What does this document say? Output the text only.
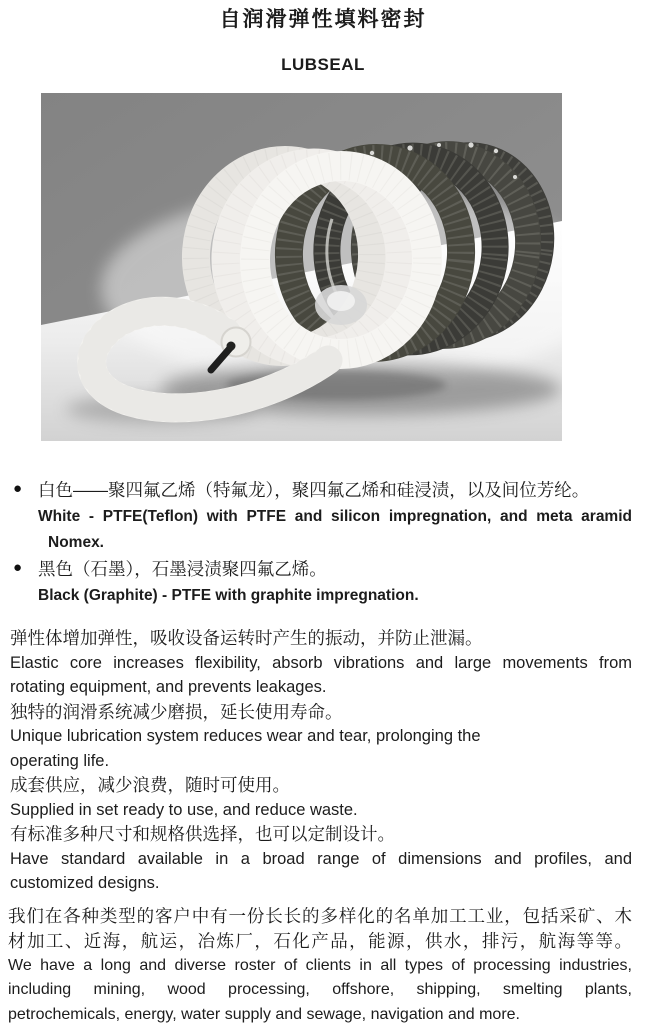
自润滑弹性填料密封
LUBSEAL
● 白色——聚四氟乙烯（特氟龙），聚四氟乙烯和硅浸渍，以及间位芳纶。

White - PTFE(Teflon) with PTFE and silicon impregnation, and meta aramid

Nomex.

● 黑色（石墨），石墨浸渍聚四氟乙烯。

Black (Graphite) - PTFE with graphite impregnation.

弹性体增加弹性，吸收设备运转时产生的振动，并防止泄漏。

Elastic core increases flexibility, absorb vibrations and large movements from

rotating equipment, and prevents leakages.

独特的润滑系统减少磨损，延长使用寿命。

Unique lubrication system reduces wear and tear, prolonging the

operating life.

成套供应，减少浪费，随时可使用。

Supplied in set ready to use, and reduce waste.

有标准多种尺寸和规格供选择，也可以定制设计。

Have standard available in a broad range of dimensions and profiles, and

customized designs.

我们在各种类型的客户中有一份长长的多样化的名单加工工业，包括采矿、木

材加工、近海，航运，冶炼厂，石化产品，能源，供水，排污，航海等等。

We have a long and diverse roster of clients in all types of processing industries,

including mining, wood processing, offshore, shipping, smelting plants,

petrochemicals, energy, water supply and sewage, navigation and more.
